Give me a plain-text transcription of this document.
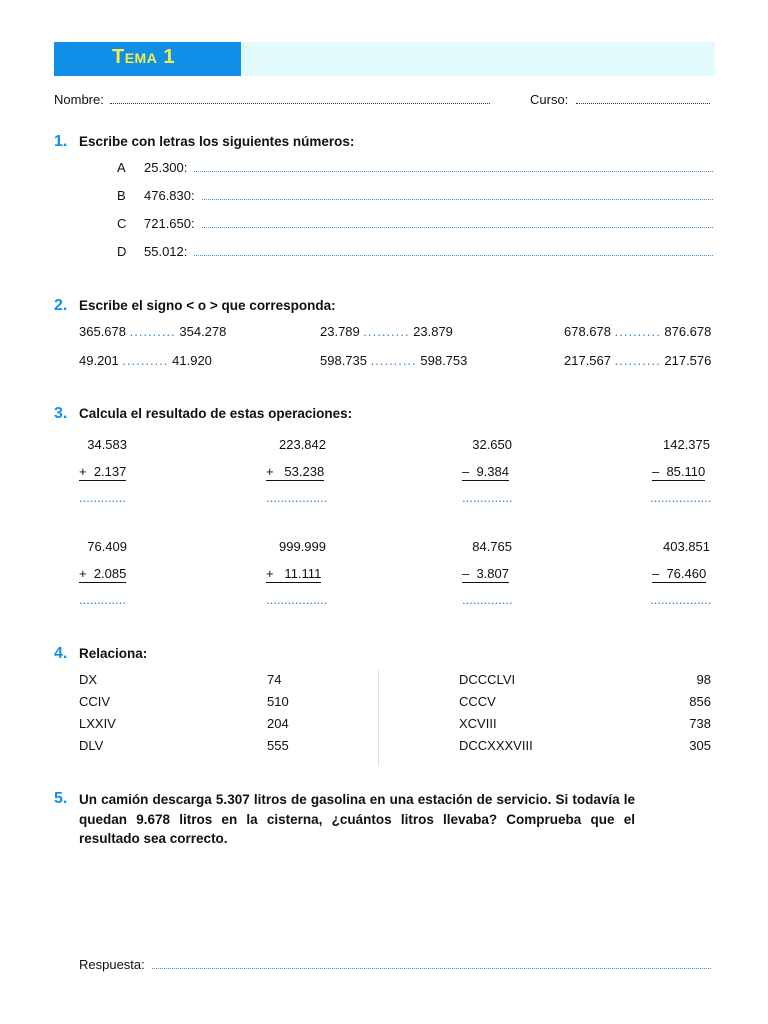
Tema 1
Nombre:	Curso:
1. Escribe con letras los siguientes números:
A 25.300:
B 476.830:
C 721.650:
D 55.012:
2. Escribe el signo < o > que corresponda:
365.678 .......... 354.278	23.789 .......... 23.879	678.678 .......... 876.678
49.201 .......... 41.920	598.735 .......... 598.753	217.567 .......... 217.576
3. Calcula el resultado de estas operaciones:
34.583
+  2.137
.............
223.842
+   53.238
.................
32.650
–  9.384
..............
142.375
–  85.110
.................
76.409
+  2.085
.............
999.999
+   11.111
.................
84.765
–  3.807
..............
403.851
–  76.460
.................
4. Relaciona:
DX	74
CCIV	510
LXXIV	204
DLV	555
DCCCLVI	98
CCCV	856
XCVIII	738
DCCXXXVIII	305
5. Un camión descarga 5.307 litros de gasolina en una estación de servicio. Si todavía le quedan 9.678 litros en la cisterna, ¿cuántos litros llevaba? Comprueba que el resultado sea correcto.
Respuesta:
